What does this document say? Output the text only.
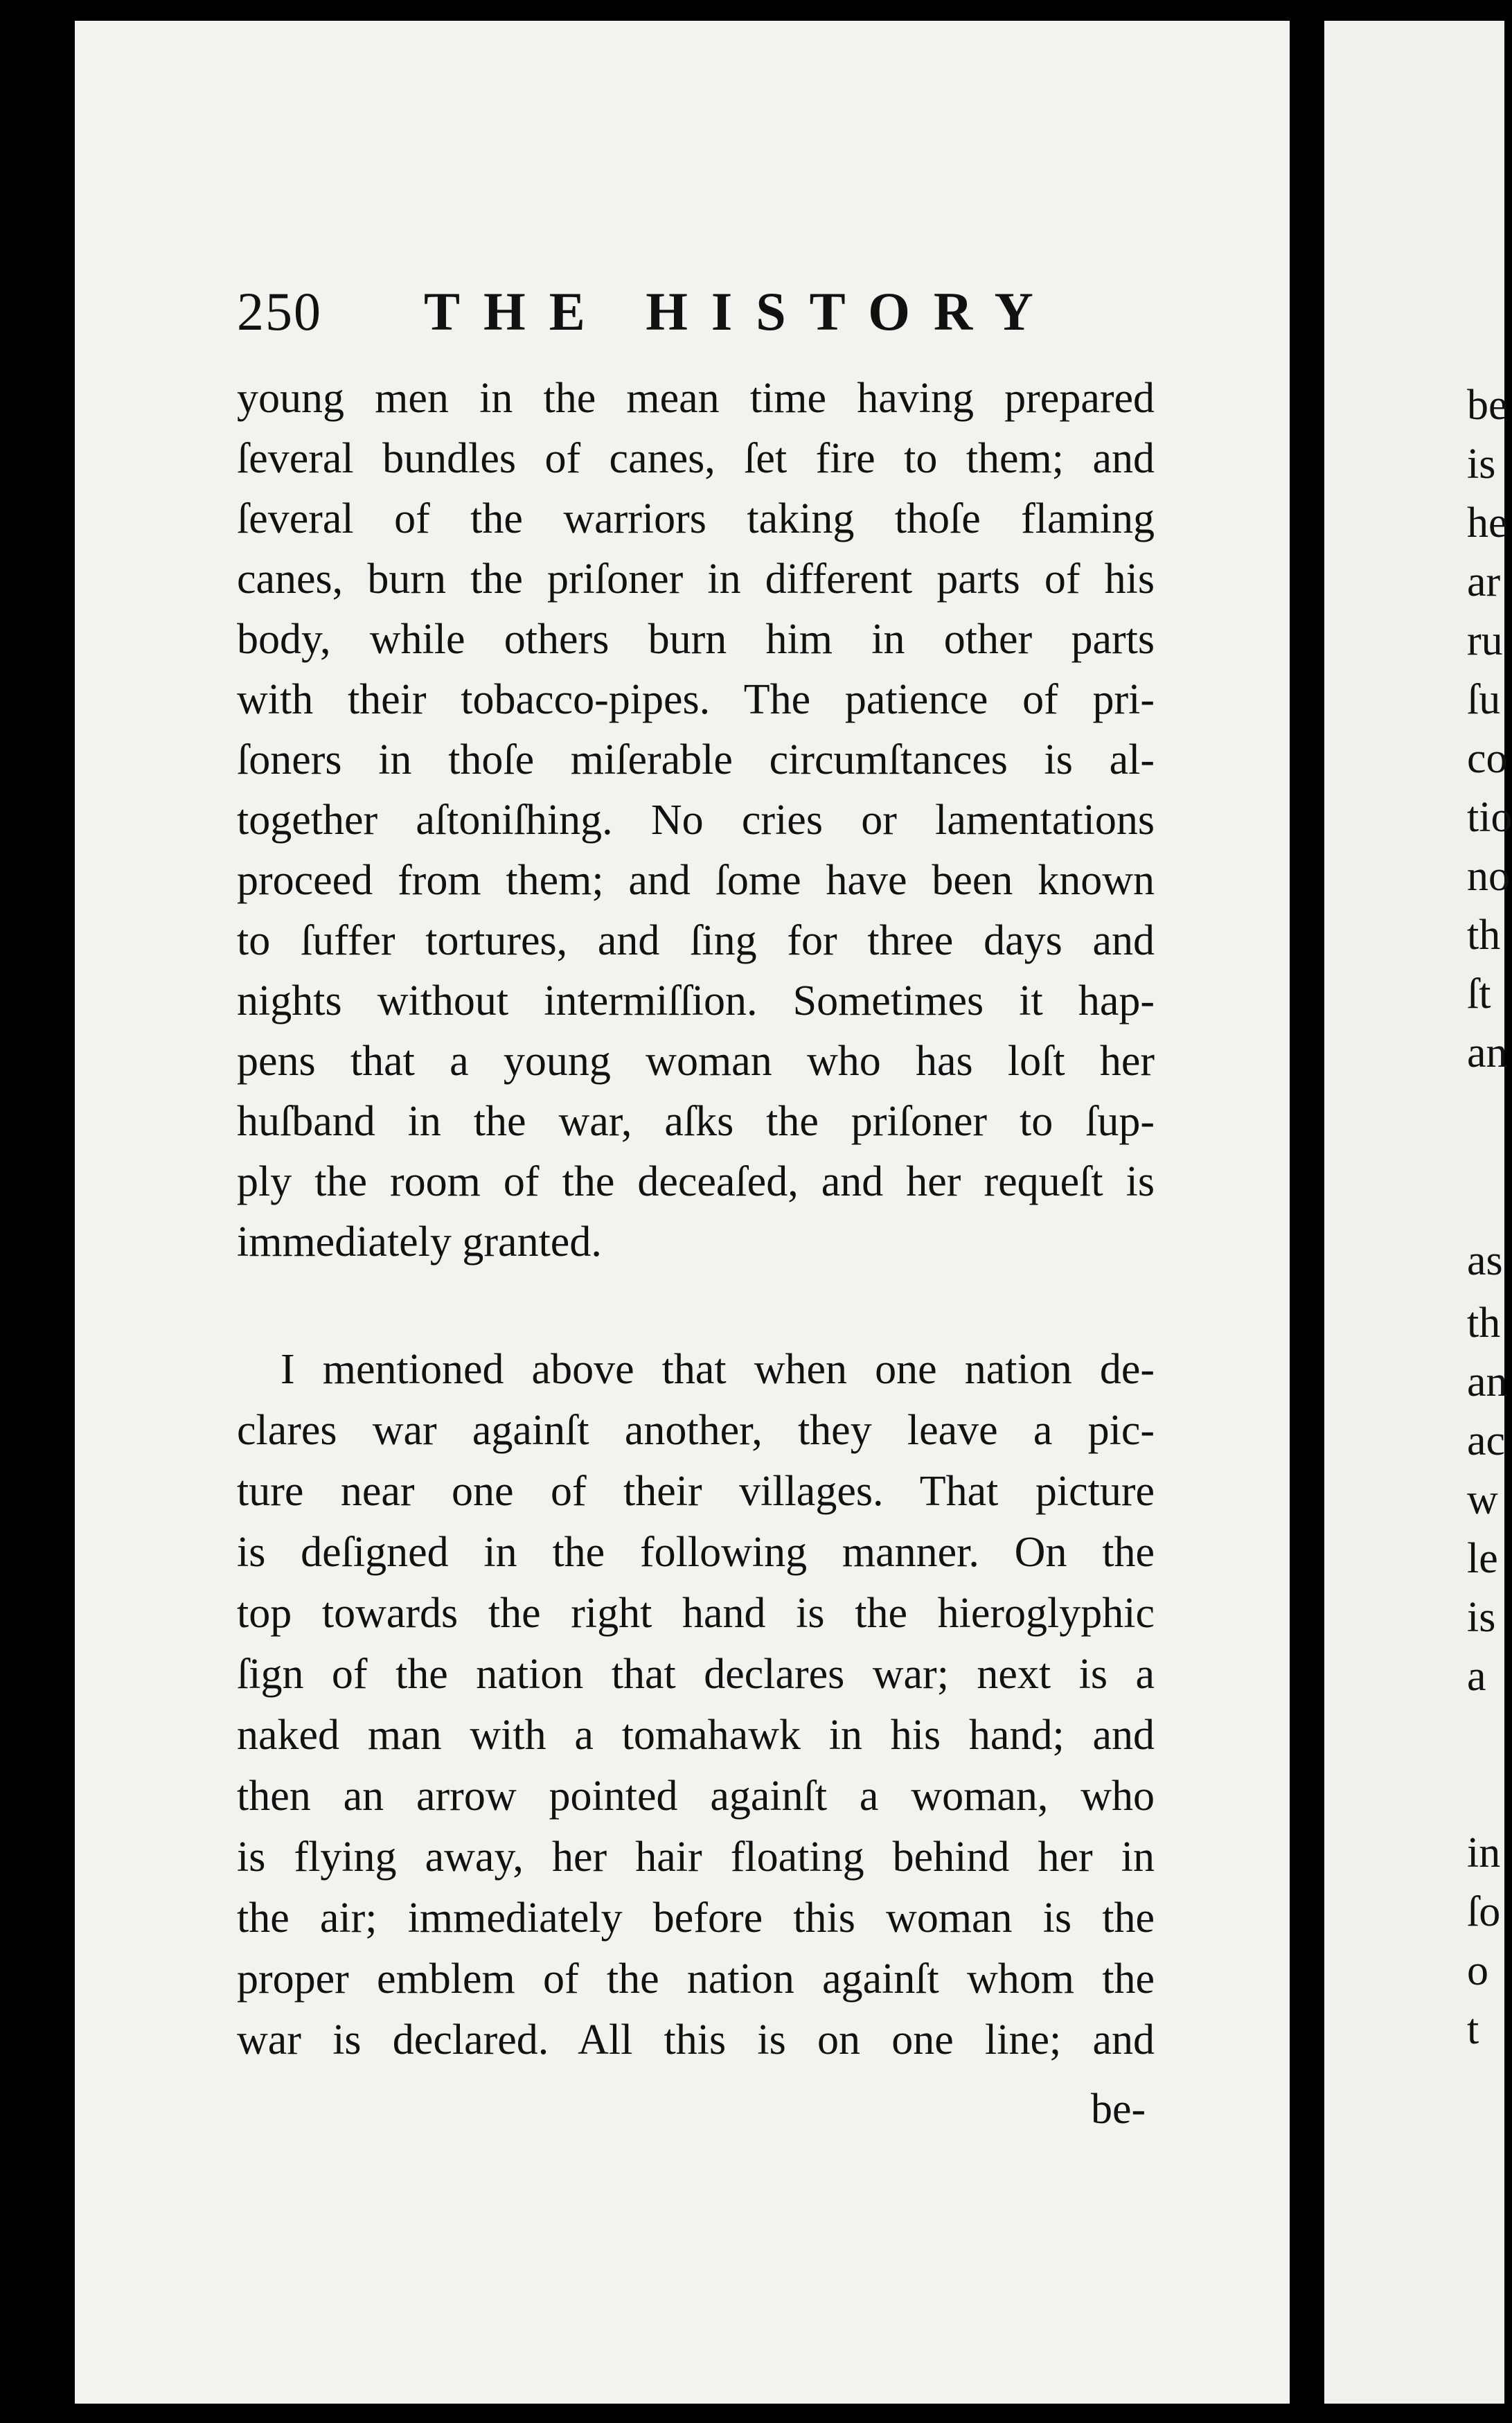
250 THE HISTORY
young men in the mean time having prepared
ſeveral bundles of canes, ſet fire to them; and
ſeveral of the warriors taking thoſe flaming
canes, burn the priſoner in different parts of his
body, while others burn him in other parts
with their tobacco-pipes. The patience of pri-
ſoners in thoſe miſerable circumſtances is al-
together aſtoniſhing. No cries or lamentations
proceed from them; and ſome have been known
to ſuffer tortures, and ſing for three days and
nights without intermiſſion. Sometimes it hap-
pens that a young woman who has loſt her
huſband in the war, aſks the priſoner to ſup-
ply the room of the deceaſed, and her requeſt is
immediately granted.
I mentioned above that when one nation de-
clares war againſt another, they leave a pic-
ture near one of their villages. That picture
is deſigned in the following manner. On the
top towards the right hand is the hieroglyphic
ſign of the nation that declares war; next is a
naked man with a tomahawk in his hand; and
then an arrow pointed againſt a woman, who
is flying away, her hair floating behind her in
the air; immediately before this woman is the
proper emblem of the nation againſt whom the
war is declared. All this is on one line; and
be-
be
is
he
ar
ru
ſu
co
tio
no
th
ſt
an
as
th
an
ac
w
le
is
a
in
ſo
o
t
